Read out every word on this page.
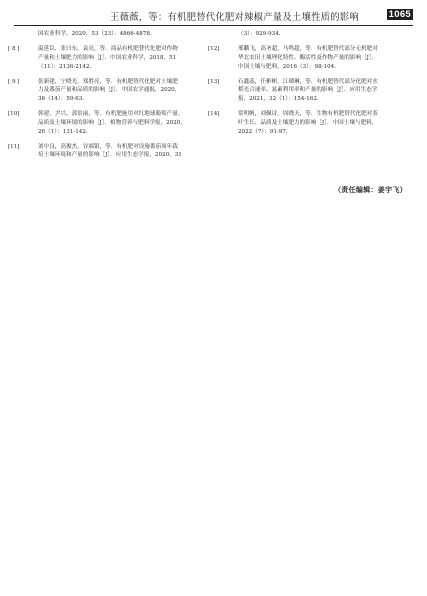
王薇薇，等：有机肥替代化肥对辣椒产量及土壤性质的影响	1065
国农业科学，2020，53（23）：4866-4878.
[ 8 ]	温延臣，张曰东，袁亮，等．商品有机肥替代化肥对作物
产量和土壤肥力的影响［J］．中国农业科学，2018，51
（11）：2136-2142.
[ 9 ]	张新建，宁晓光，郑胜亮，等．有机肥替代化肥对土壤肥
力及番茄产量和品质的影响［J］．中国农学通报，2020，
36（14）：59-63.
[10]	韩建，尹兴，郭景丽，等．有机肥施用对红地球葡萄产量、
品质及土壤环境的影响［J］．植物营养与肥料学报，2020，
26（1）：131-142.
[11]	刘中良，高俊杰，谷端银，等．有机肥对设施番茄周年栽
培土壤环境和产量的影响［J］．应用生态学报，2020，31
（3）：929-934.
[12]	邢鹏飞，高圣超，马鸣超，等．有机肥替代部分无机肥对
华北农田土壤理化特性、酶活性及作物产量的影响［J］．
中国土壤与肥料，2016（3）：98-104.
[13]	石鑫蕊，任彬彬，江瑚琳，等．有机肥替代部分化肥对水
稻光合速率、氮素利用率和产量的影响［J］．应用生态学
报，2021，32（1）：154-162.
[14]	常明帆，刘佩诗，周晓天，等．生物有机肥替代化肥对茶
叶生长、品质及土壤肥力的影响［J］．中国土壤与肥料，
2022（7）：91-97.
（责任编辑：姜宇飞）
